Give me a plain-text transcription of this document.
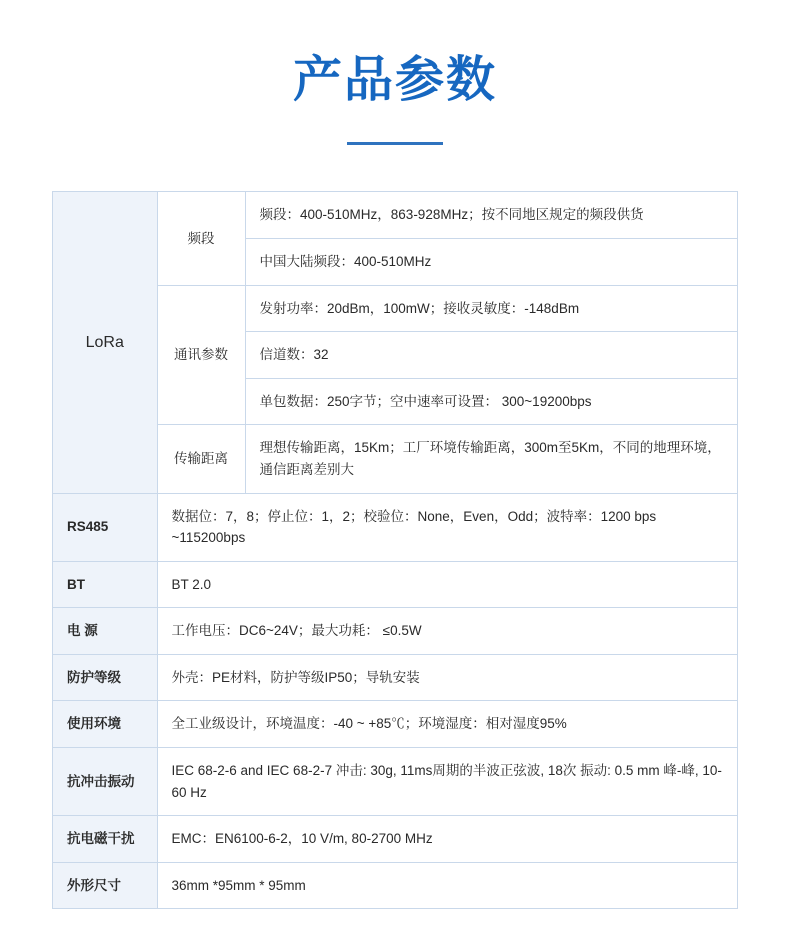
产品参数
LoRa	频段	频段：400-510MHz，863-928MHz；按不同地区规定的频段供货
		中国大陆频段：400-510MHz
	通讯参数	发射功率：20dBm，100mW；接收灵敏度：-148dBm
		信道数：32
		单包数据：250字节；空中速率可设置： 300~19200bps
	传输距离	理想传输距离，15Km；工厂环境传输距离，300m至5Km，不同的地理环境，通信距离差别大
RS485	数据位：7，8；停止位：1，2；校验位：None，Even，Odd；波特率：1200 bps ~115200bps	
BT	BT 2.0	
电 源	工作电压：DC6~24V；最大功耗： ≤0.5W	
防护等级	外壳：PE材料，防护等级IP50；导轨安装	
使用环境	全工业级设计，环境温度：-40 ~ +85℃；环境湿度：相对湿度95%	
抗冲击振动	IEC 68-2-6 and IEC 68-2-7 冲击: 30g, 11ms周期的半波正弦波, 18次 振动: 0.5 mm 峰-峰, 10-60 Hz	
抗电磁干扰	EMC：EN6100-6-2，10 V/m, 80-2700 MHz	
外形尺寸	36mm *95mm * 95mm	
